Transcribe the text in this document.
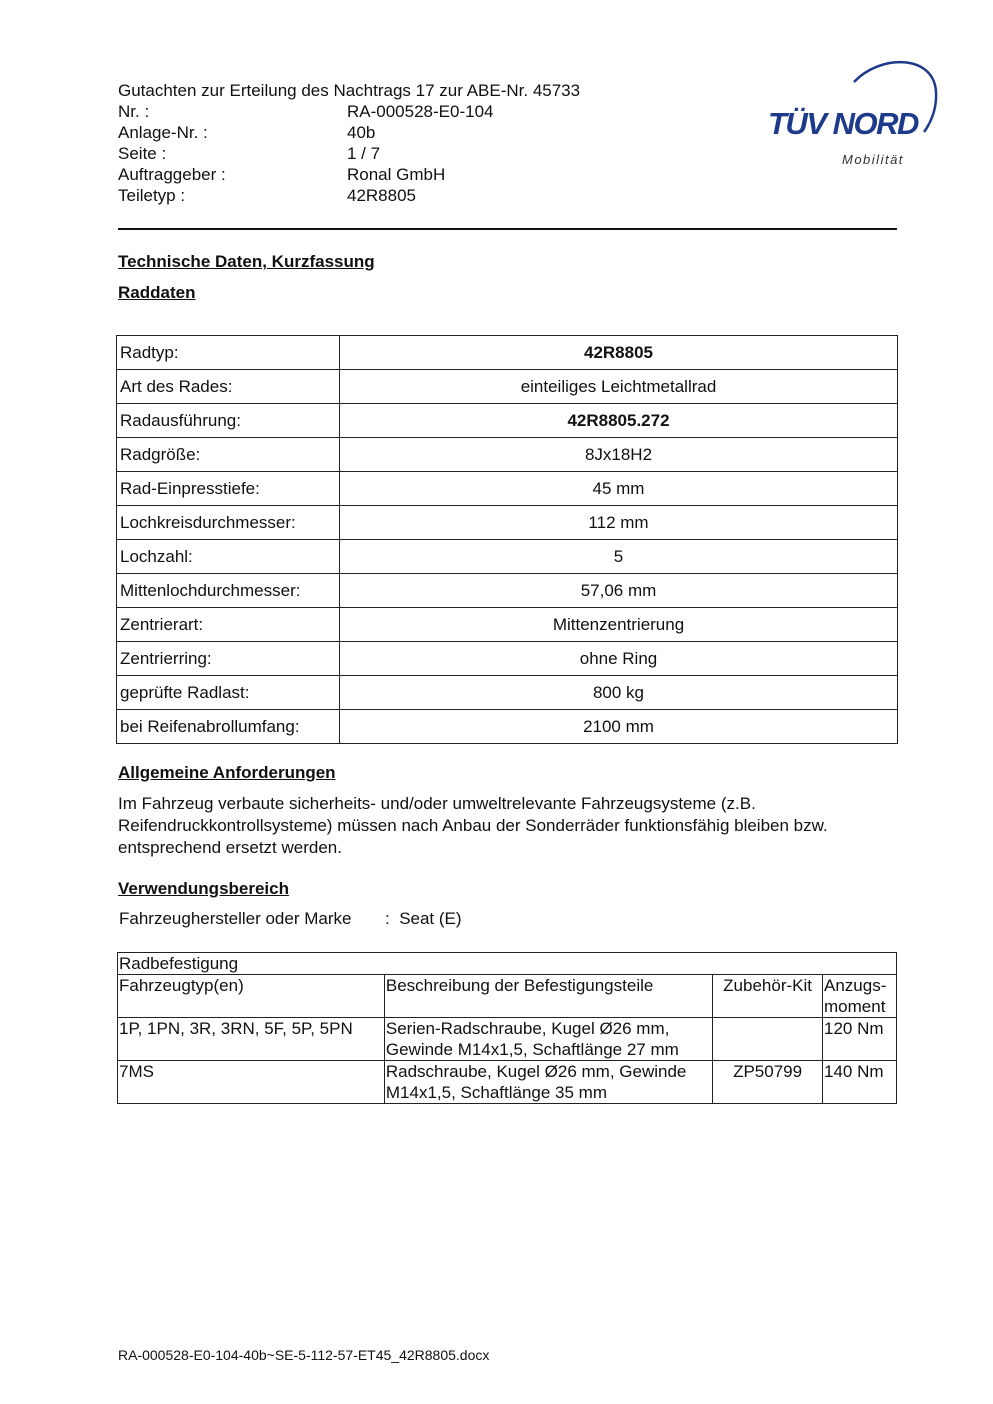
Gutachten zur Erteilung des Nachtrags 17 zur ABE-Nr. 45733
Nr. :	RA-000528-E0-104
Anlage-Nr. :	40b
Seite :	1 / 7
Auftraggeber :	Ronal GmbH
Teiletyp :	42R8805
TÜV NORD
Mobilität
Technische Daten, Kurzfassung
Raddaten
Radtyp:	42R8805
Art des Rades:	einteiliges Leichtmetallrad
Radausführung:	42R8805.272
Radgröße:	8Jx18H2
Rad-Einpresstiefe:	45 mm
Lochkreisdurchmesser:	112 mm
Lochzahl:	5
Mittenlochdurchmesser:	57,06 mm
Zentrierart:	Mittenzentrierung
Zentrierring:	ohne Ring
geprüfte Radlast:	800 kg
bei Reifenabrollumfang:	2100 mm
Allgemeine Anforderungen
Im Fahrzeug verbaute sicherheits- und/oder umweltrelevante Fahrzeugsysteme (z.B. Reifendruckkontrollsysteme) müssen nach Anbau der Sonderräder funktionsfähig bleiben bzw. entsprechend ersetzt werden.
Verwendungsbereich
Fahrzeughersteller oder Marke : Seat (E)
Radbefestigung			
Fahrzeugtyp(en)	Beschreibung der Befestigungsteile	Zubehör-Kit	Anzugs-moment
1P, 1PN, 3R, 3RN, 5F, 5P, 5PN	Serien-Radschraube, Kugel Ø26 mm, Gewinde M14x1,5, Schaftlänge 27 mm		120 Nm
7MS	Radschraube, Kugel Ø26 mm, Gewinde M14x1,5, Schaftlänge 35 mm	ZP50799	140 Nm
RA-000528-E0-104-40b~SE-5-112-57-ET45_42R8805.docx
